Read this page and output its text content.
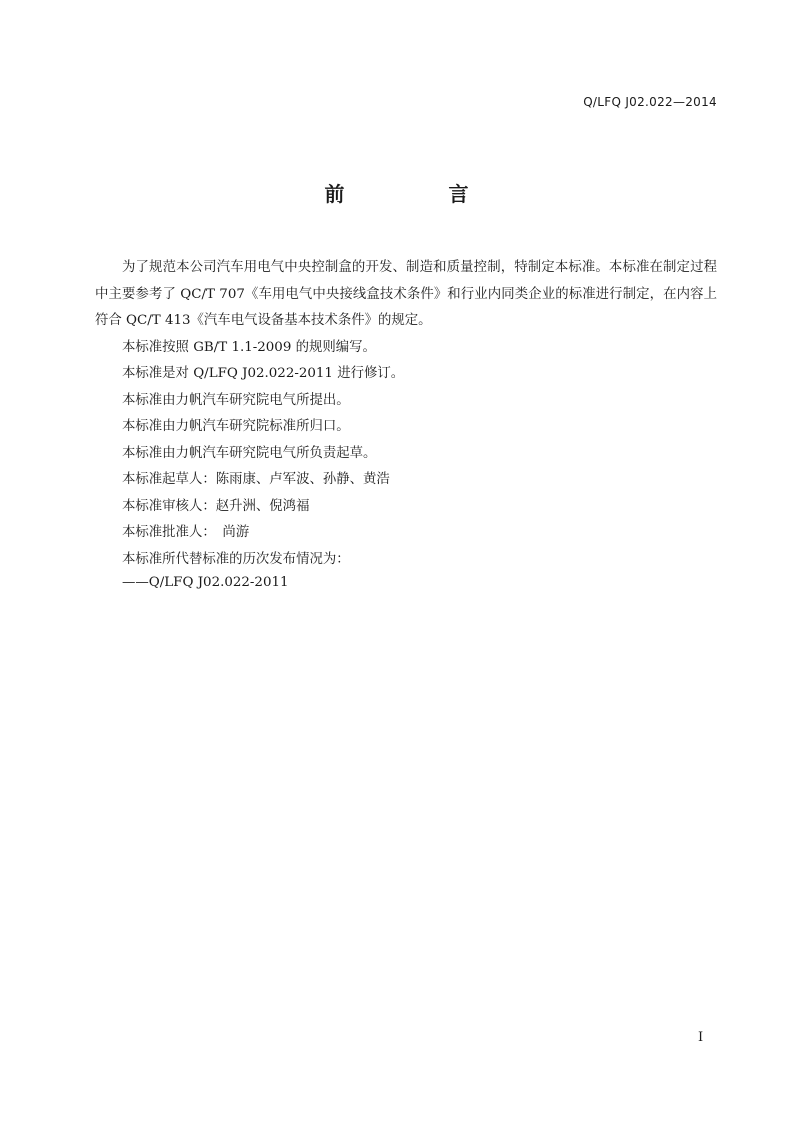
Q/LFQ J02.022—2014
前　言

为了规范本公司汽车用电气中央控制盒的开发、制造和质量控制，特制定本标准。本标准在制定过程中主要参考了 QC/T 707《车用电气中央接线盒技术条件》和行业内同类企业的标准进行制定，在内容上符合 QC/T 413《汽车电气设备基本技术条件》的规定。

本标准按照 GB/T 1.1-2009 的规则编写。

本标准是对 Q/LFQ J02.022-2011 进行修订。

本标准由力帆汽车研究院电气所提出。

本标准由力帆汽车研究院标准所归口。

本标准由力帆汽车研究院电气所负责起草。

本标准起草人：陈雨康、卢军波、孙静、黄浩

本标准审核人：赵升洲、倪鸿福

本标准批准人：　尚游

本标准所代替标准的历次发布情况为：

——Q/LFQ J02.022-2011

I
